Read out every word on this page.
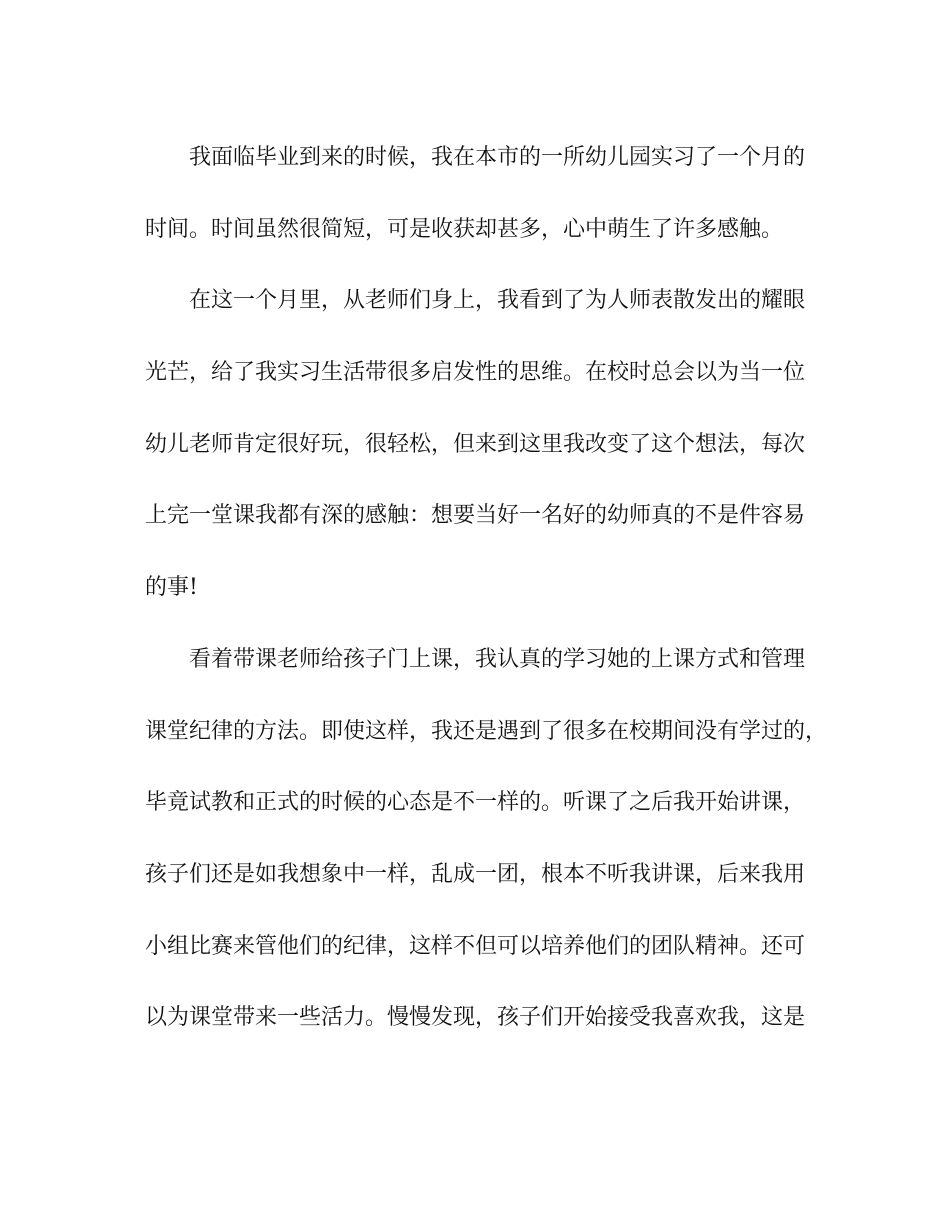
我面临毕业到来的时候，我在本市的一所幼儿园实习了一个月的
时间。时间虽然很简短，可是收获却甚多，心中萌生了许多感触。
在这一个月里，从老师们身上，我看到了为人师表散发出的耀眼
光芒，给了我实习生活带很多启发性的思维。在校时总会以为当一位
幼儿老师肯定很好玩，很轻松，但来到这里我改变了这个想法，每次
上完一堂课我都有深的感触：想要当好一名好的幼师真的不是件容易
的事!
看着带课老师给孩子门上课，我认真的学习她的上课方式和管理
课堂纪律的方法。即使这样，我还是遇到了很多在校期间没有学过的，
毕竟试教和正式的时候的心态是不一样的。听课了之后我开始讲课，
孩子们还是如我想象中一样，乱成一团，根本不听我讲课，后来我用
小组比赛来管他们的纪律，这样不但可以培养他们的团队精神。还可
以为课堂带来一些活力。慢慢发现，孩子们开始接受我喜欢我，这是
